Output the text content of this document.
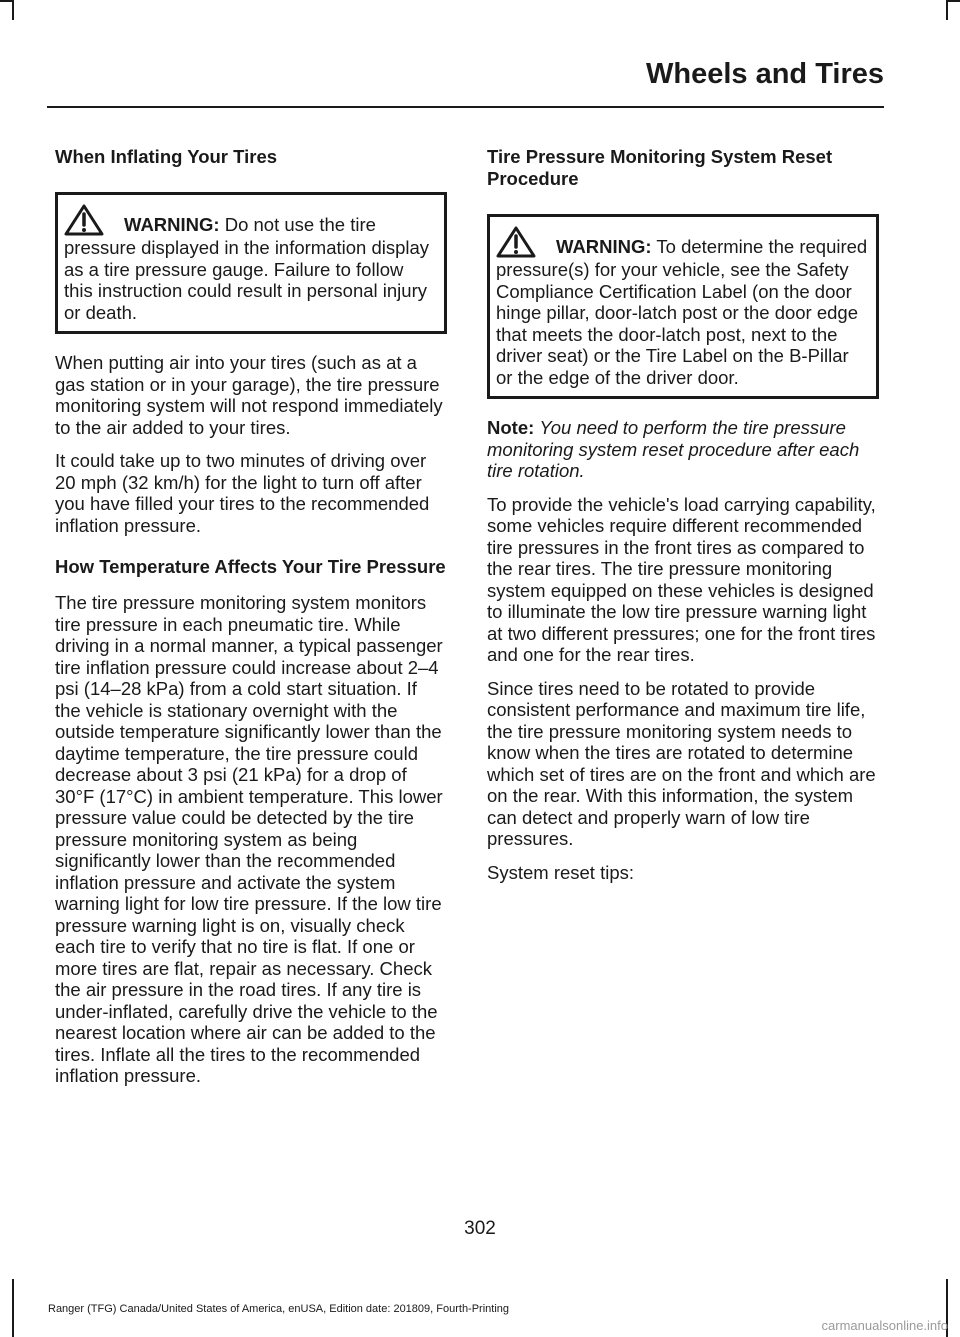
Wheels and Tires
When Inflating Your Tires
WARNING: Do not use the tire pressure displayed in the information display as a tire pressure gauge. Failure to follow this instruction could result in personal injury or death.

When putting air into your tires (such as at a gas station or in your garage), the tire pressure monitoring system will not respond immediately to the air added to your tires.

It could take up to two minutes of driving over 20 mph (32 km/h) for the light to turn off after you have filled your tires to the recommended inflation pressure.

How Temperature Affects Your Tire Pressure

The tire pressure monitoring system monitors tire pressure in each pneumatic tire. While driving in a normal manner, a typical passenger tire inflation pressure could increase about 2–4 psi (14–28 kPa) from a cold start situation. If the vehicle is stationary overnight with the outside temperature significantly lower than the daytime temperature, the tire pressure could decrease about 3 psi (21 kPa) for a drop of 30°F (17°C) in ambient temperature. This lower pressure value could be detected by the tire pressure monitoring system as being significantly lower than the recommended inflation pressure and activate the system warning light for low tire pressure. If the low tire pressure warning light is on, visually check each tire to verify that no tire is flat. If one or more tires are flat, repair as necessary. Check the air pressure in the road tires. If any tire is under-inflated, carefully drive the vehicle to the nearest location where air can be added to the tires. Inflate all the tires to the recommended inflation pressure.

Tire Pressure Monitoring System Reset Procedure
WARNING: To determine the required pressure(s) for your vehicle, see the Safety Compliance Certification Label (on the door hinge pillar, door-latch post or the door edge that meets the door-latch post, next to the driver seat) or the Tire Label on the B-Pillar or the edge of the driver door.

Note: You need to perform the tire pressure monitoring system reset procedure after each tire rotation.

To provide the vehicle's load carrying capability, some vehicles require different recommended tire pressures in the front tires as compared to the rear tires. The tire pressure monitoring system equipped on these vehicles is designed to illuminate the low tire pressure warning light at two different pressures; one for the front tires and one for the rear tires.

Since tires need to be rotated to provide consistent performance and maximum tire life, the tire pressure monitoring system needs to know when the tires are rotated to determine which set of tires are on the front and which are on the rear. With this information, the system can detect and properly warn of low tire pressures.

System reset tips:

302
Ranger (TFG) Canada/United States of America, enUSA, Edition date: 201809, Fourth-Printing
carmanualsonline.info
